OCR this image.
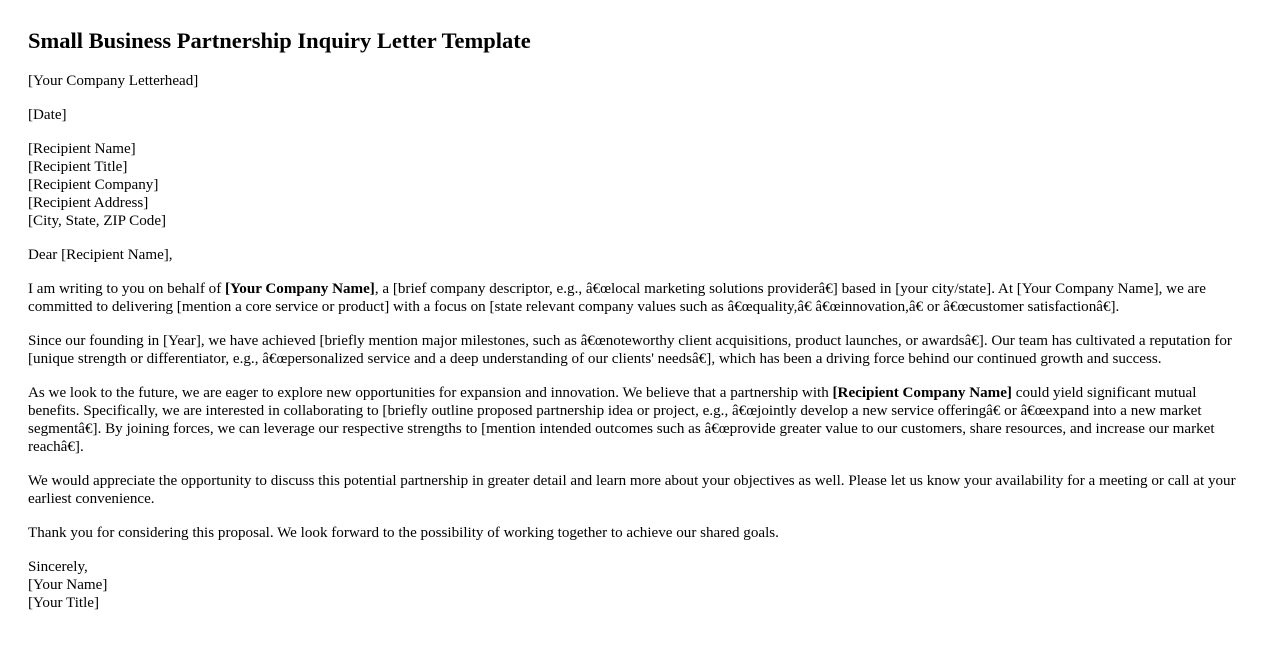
Small Business Partnership Inquiry Letter Template

[Your Company Letterhead]

[Date]

[Recipient Name]
[Recipient Title]
[Recipient Company]
[Recipient Address]
[City, State, ZIP Code]

Dear [Recipient Name],

I am writing to you on behalf of [Your Company Name], a [brief company descriptor, e.g., â€œlocal marketing solutions providerâ€] based in [your city/state]. At [Your Company Name], we are committed to delivering [mention a core service or product] with a focus on [state relevant company values such as â€œquality,â€ â€œinnovation,â€ or â€œcustomer satisfactionâ€].

Since our founding in [Year], we have achieved [briefly mention major milestones, such as â€œnoteworthy client acquisitions, product launches, or awardsâ€]. Our team has cultivated a reputation for [unique strength or differentiator, e.g., â€œpersonalized service and a deep understanding of our clients' needsâ€], which has been a driving force behind our continued growth and success.

As we look to the future, we are eager to explore new opportunities for expansion and innovation. We believe that a partnership with [Recipient Company Name] could yield significant mutual benefits. Specifically, we are interested in collaborating to [briefly outline proposed partnership idea or project, e.g., â€œjointly develop a new service offeringâ€ or â€œexpand into a new market segmentâ€]. By joining forces, we can leverage our respective strengths to [mention intended outcomes such as â€œprovide greater value to our customers, share resources, and increase our market reachâ€].

We would appreciate the opportunity to discuss this potential partnership in greater detail and learn more about your objectives as well. Please let us know your availability for a meeting or call at your earliest convenience.

Thank you for considering this proposal. We look forward to the possibility of working together to achieve our shared goals.

Sincerely,
[Your Name]
[Your Title]
